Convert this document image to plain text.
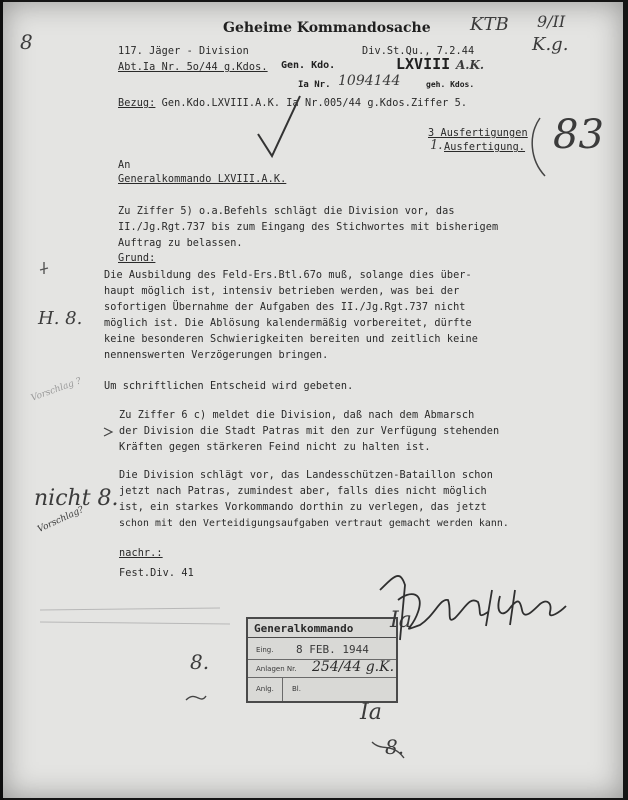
Geheime Kommandosache
117. Jäger - Division
Abt.Ia Nr. 5o/44 g.Kdos.
Div.St.Qu., 7.2.44
Gen. Kdo.	LXVIII A.K.
Ia Nr. 1094144	geh. Kdos.
Bezug: Gen.Kdo.LXVIII.A.K. Ia Nr.005/44 g.Kdos.Ziffer 5.
3 Ausfertigungen
Ausfertigung.
1.
An
Generalkommando LXVIII.A.K.
Zu Ziffer 5) o.a.Befehls schlägt die Division vor, das
II./Jg.Rgt.737 bis zum Eingang des Stichwortes mit bisherigem
Auftrag zu belassen.
Grund:
Die Ausbildung des Feld-Ers.Btl.67o muß, solange dies über-
haupt möglich ist, intensiv betrieben werden, was bei der
sofortigen Übernahme der Aufgaben des II./Jg.Rgt.737 nicht
möglich ist. Die Ablösung kalendermäßig vorbereitet, dürfte
keine besonderen Schwierigkeiten bereiten und zeitlich keine
nennenswerten Verzögerungen bringen.
Um schriftlichen Entscheid wird gebeten.
Zu Ziffer 6 c) meldet die Division, daß nach dem Abmarsch
der Division die Stadt Patras mit den zur Verfügung stehenden
Kräften gegen stärkeren Feind nicht zu halten ist.
Die Division schlägt vor, das Landesschützen-Bataillon schon
jetzt nach Patras, zumindest aber, falls dies nicht möglich
ist, ein starkes Vorkommando dorthin zu verlegen, das jetzt
schon mit den Verteidigungsaufgaben vertraut gemacht werden kann.
nachr.:
Fest.Div. 41
Generalkommando
Eing. 8 FEB. 1944
Anlagen Nr. 254/44 g.K.
Anlg.	Bl.
KTB 9/II
K.g.
83
H. 8.
Vorschlag ?
nicht 8.
Vorschlag?
Ia
Ia
8.
8.
8
